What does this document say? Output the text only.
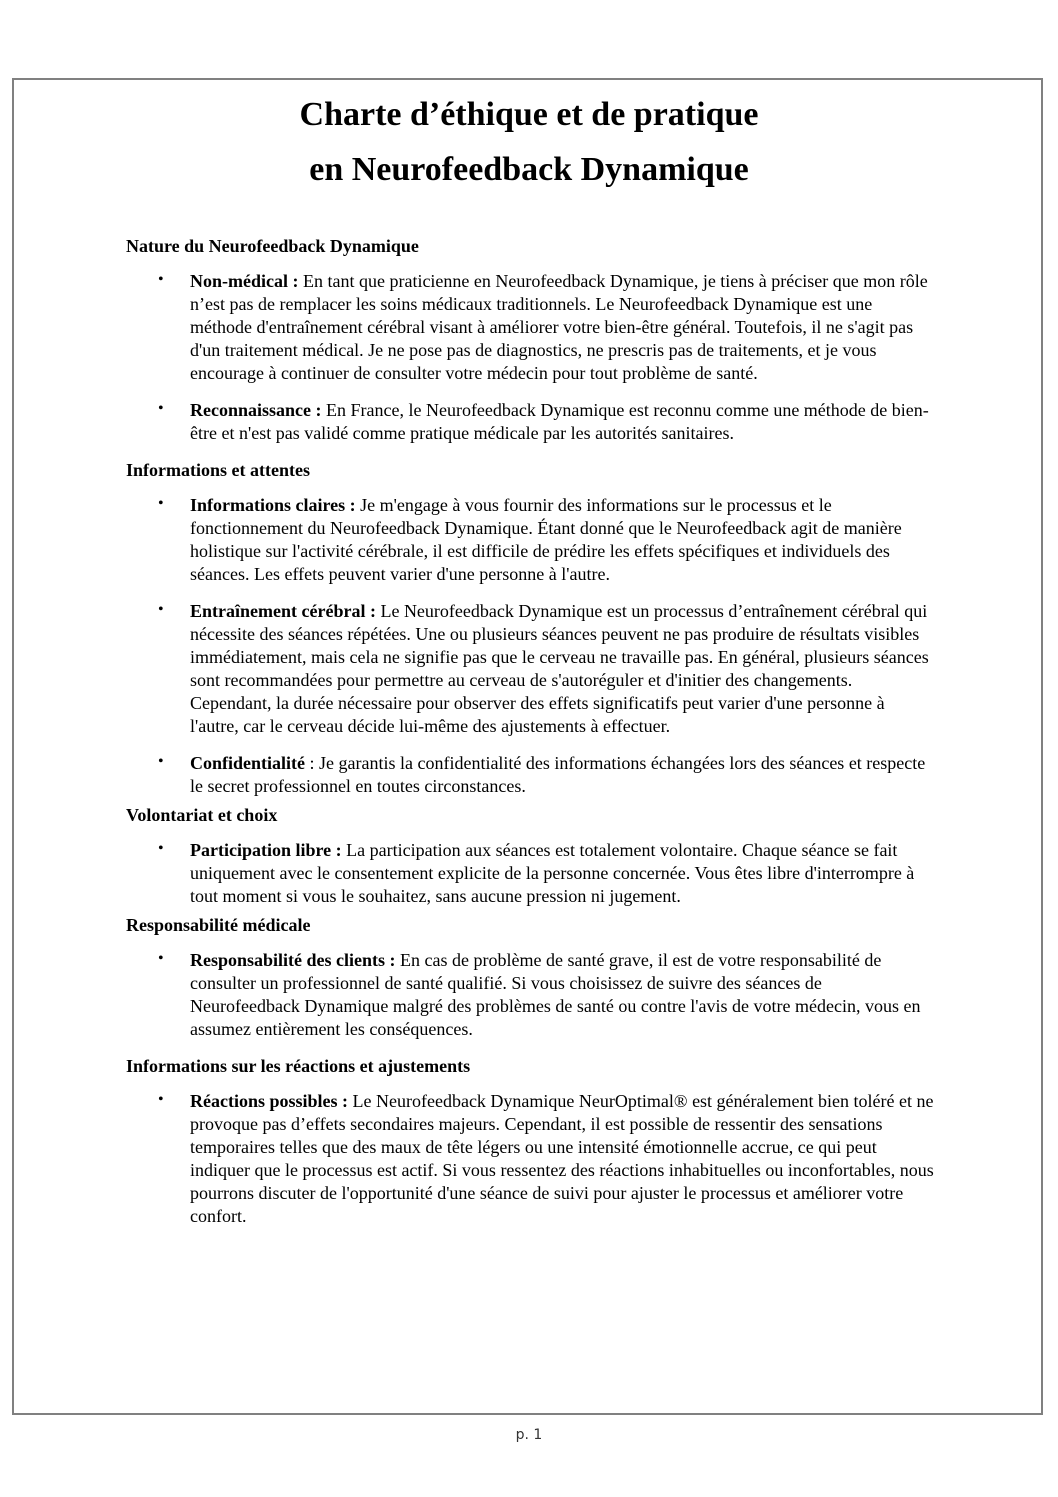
Charte d’éthique et de pratique
en Neurofeedback Dynamique

Nature du Neurofeedback Dynamique

• Non-médical : En tant que praticienne en Neurofeedback Dynamique, je tiens à préciser que mon rôle n’est pas de remplacer les soins médicaux traditionnels. Le Neurofeedback Dynamique est une méthode d'entraînement cérébral visant à améliorer votre bien-être général. Toutefois, il ne s'agit pas d'un traitement médical. Je ne pose pas de diagnostics, ne prescris pas de traitements, et je vous encourage à continuer de consulter votre médecin pour tout problème de santé.
• Reconnaissance : En France, le Neurofeedback Dynamique est reconnu comme une méthode de bien-être et n'est pas validé comme pratique médicale par les autorités sanitaires.

Informations et attentes

• Informations claires : Je m'engage à vous fournir des informations sur le processus et le fonctionnement du Neurofeedback Dynamique. Étant donné que le Neurofeedback agit de manière holistique sur l'activité cérébrale, il est difficile de prédire les effets spécifiques et individuels des séances. Les effets peuvent varier d'une personne à l'autre.
• Entraînement cérébral : Le Neurofeedback Dynamique est un processus d’entraînement cérébral qui nécessite des séances répétées. Une ou plusieurs séances peuvent ne pas produire de résultats visibles immédiatement, mais cela ne signifie pas que le cerveau ne travaille pas. En général, plusieurs séances sont recommandées pour permettre au cerveau de s'autoréguler et d'initier des changements. Cependant, la durée nécessaire pour observer des effets significatifs peut varier d'une personne à l'autre, car le cerveau décide lui-même des ajustements à effectuer.
• Confidentialité : Je garantis la confidentialité des informations échangées lors des séances et respecte le secret professionnel en toutes circonstances.

Volontariat et choix

• Participation libre : La participation aux séances est totalement volontaire. Chaque séance se fait uniquement avec le consentement explicite de la personne concernée. Vous êtes libre d'interrompre à tout moment si vous le souhaitez, sans aucune pression ni jugement.

Responsabilité médicale

• Responsabilité des clients : En cas de problème de santé grave, il est de votre responsabilité de consulter un professionnel de santé qualifié. Si vous choisissez de suivre des séances de Neurofeedback Dynamique malgré des problèmes de santé ou contre l'avis de votre médecin, vous en assumez entièrement les conséquences.

Informations sur les réactions et ajustements

• Réactions possibles : Le Neurofeedback Dynamique NeurOptimal® est généralement bien toléré et ne provoque pas d’effets secondaires majeurs. Cependant, il est possible de ressentir des sensations temporaires telles que des maux de tête légers ou une intensité émotionnelle accrue, ce qui peut indiquer que le processus est actif. Si vous ressentez des réactions inhabituelles ou inconfortables, nous pourrons discuter de l'opportunité d'une séance de suivi pour ajuster le processus et améliorer votre confort.
p. 1
